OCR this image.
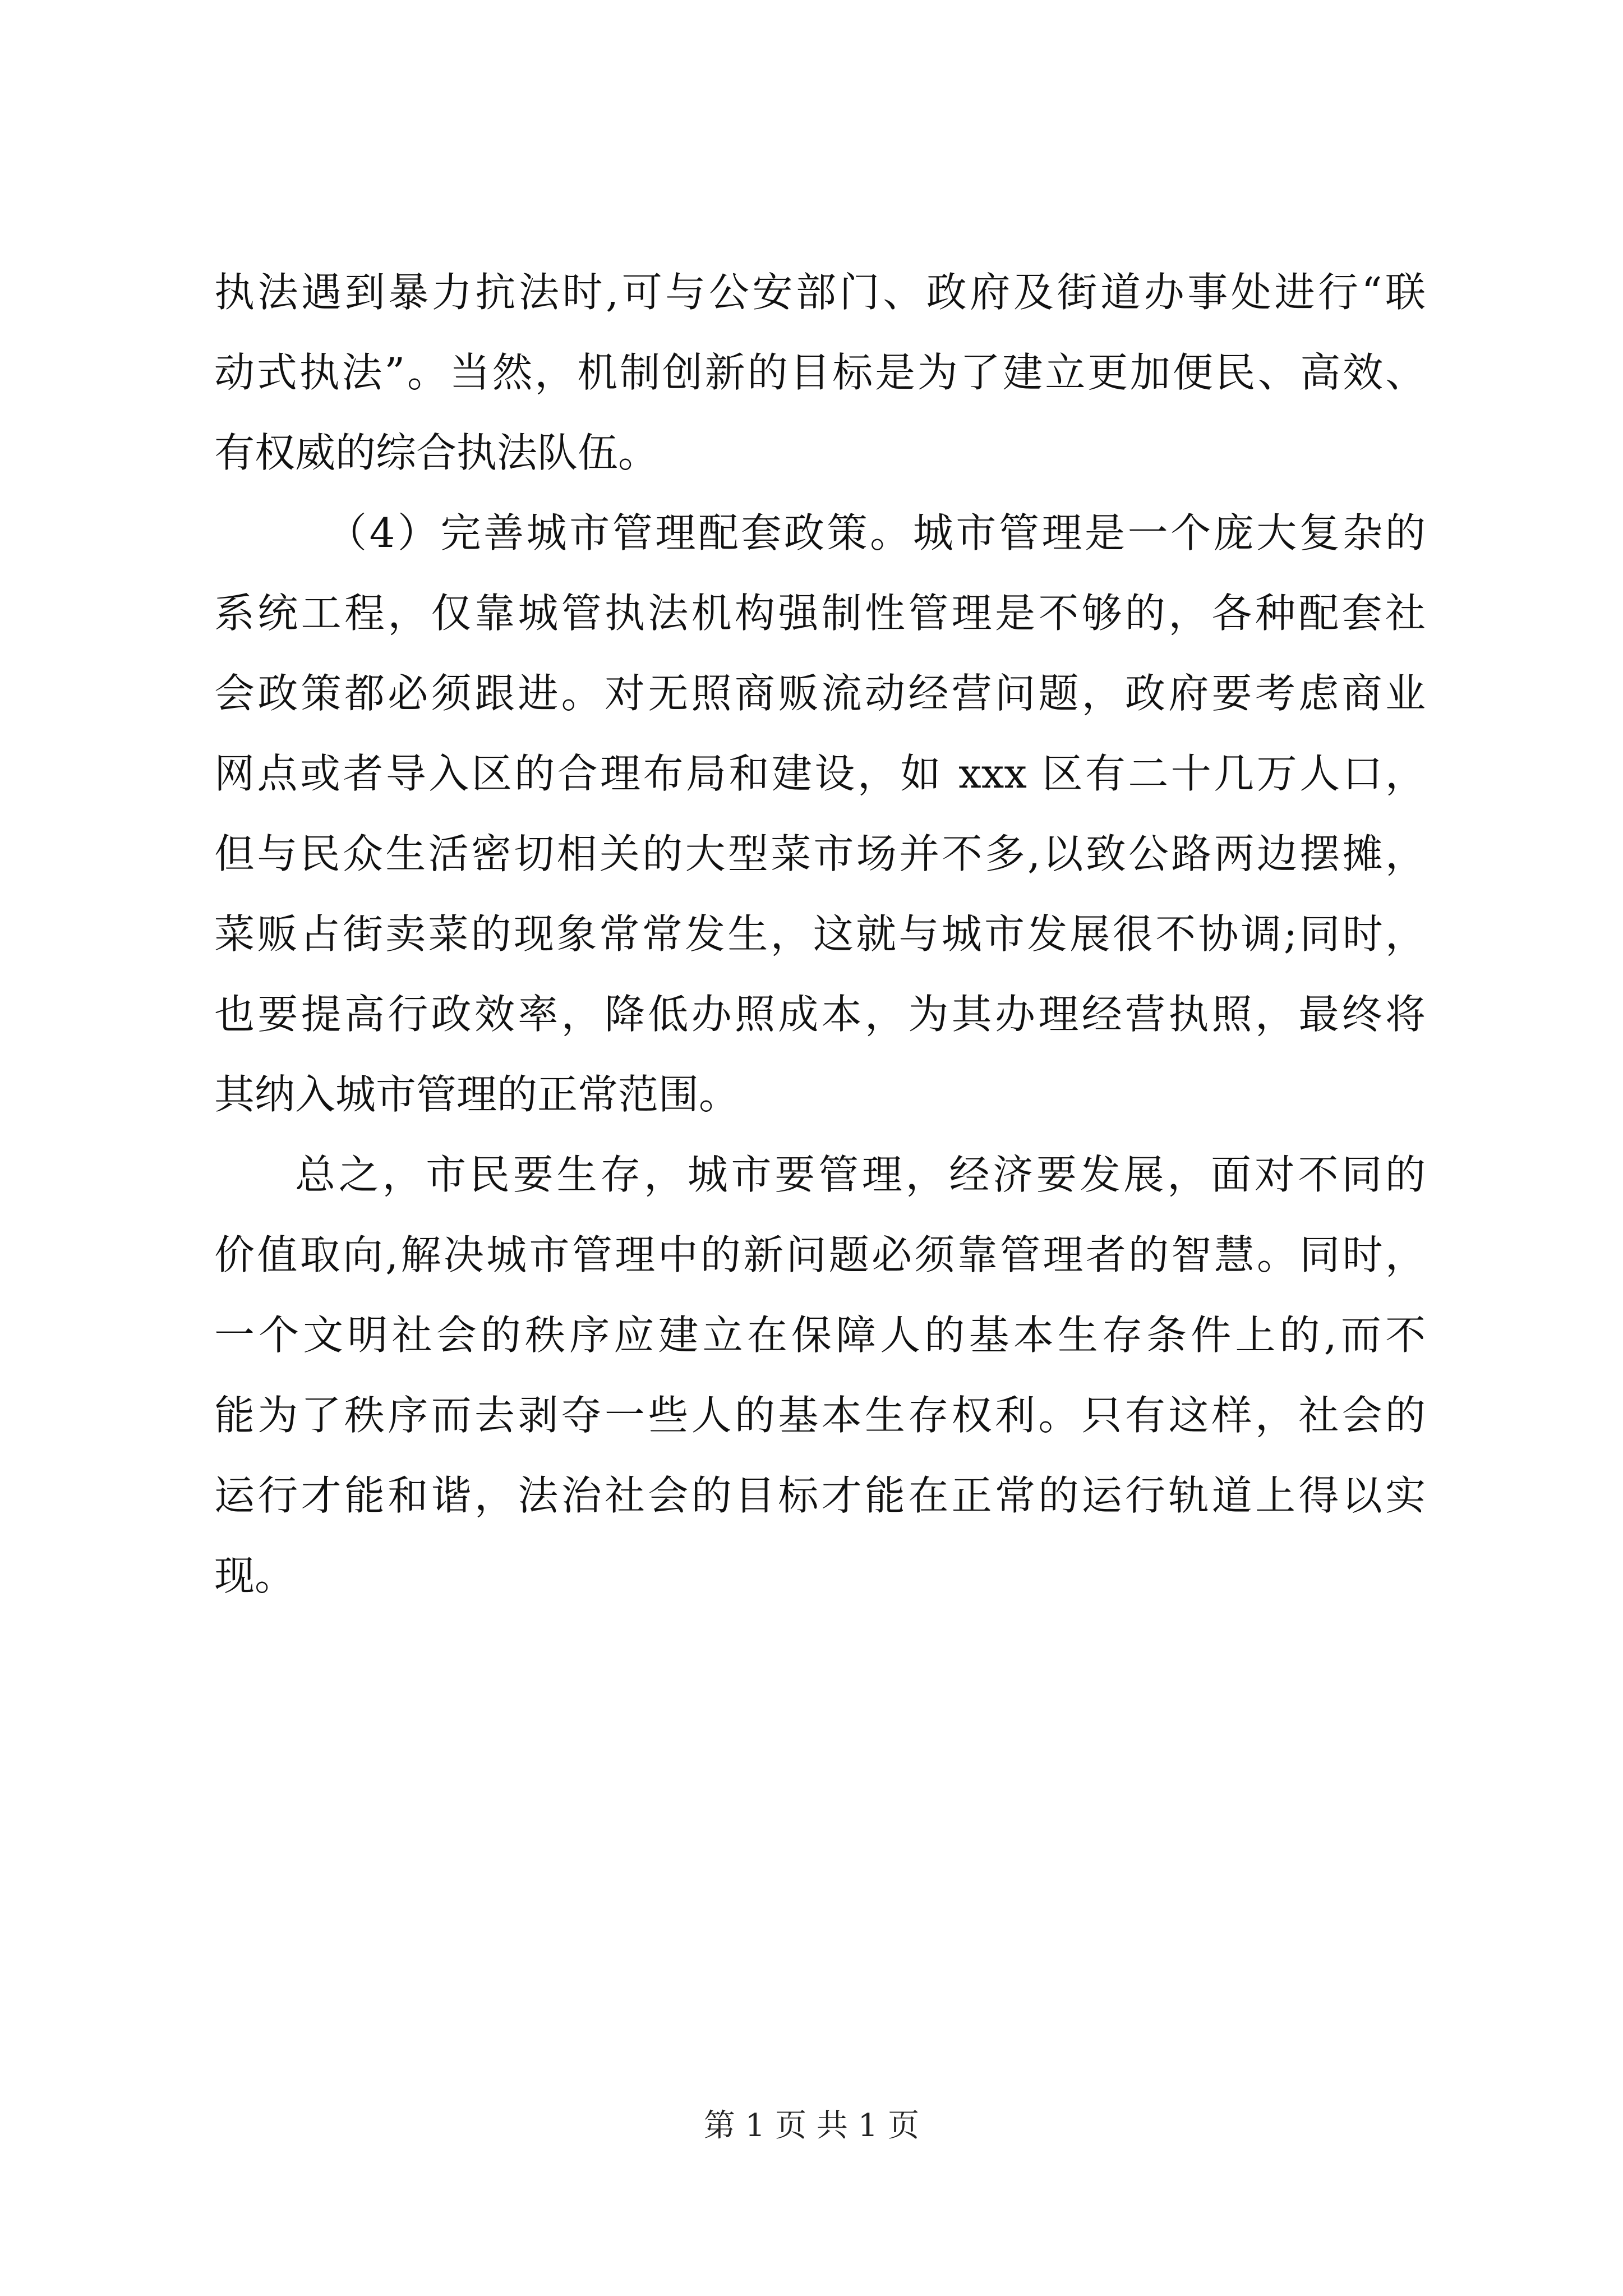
执法遇到暴力抗法时,可与公安部门、政府及街道办事处进行“联
动式执法”。当然，机制创新的目标是为了建立更加便民、高效、
有权威的综合执法队伍。
（4）完善城市管理配套政策。城市管理是一个庞大复杂的
系统工程，仅靠城管执法机构强制性管理是不够的，各种配套社
会政策都必须跟进。对无照商贩流动经营问题，政府要考虑商业
网点或者导入区的合理布局和建设，如 xxx 区有二十几万人口，
但与民众生活密切相关的大型菜市场并不多,以致公路两边摆摊，
菜贩占街卖菜的现象常常发生，这就与城市发展很不协调;同时，
也要提高行政效率，降低办照成本，为其办理经营执照，最终将
其纳入城市管理的正常范围。
总之，市民要生存，城市要管理，经济要发展，面对不同的
价值取向,解决城市管理中的新问题必须靠管理者的智慧。同时，
一个文明社会的秩序应建立在保障人的基本生存条件上的,而不
能为了秩序而去剥夺一些人的基本生存权利。只有这样，社会的
运行才能和谐，法治社会的目标才能在正常的运行轨道上得以实
现。
第 1 页 共 1 页
